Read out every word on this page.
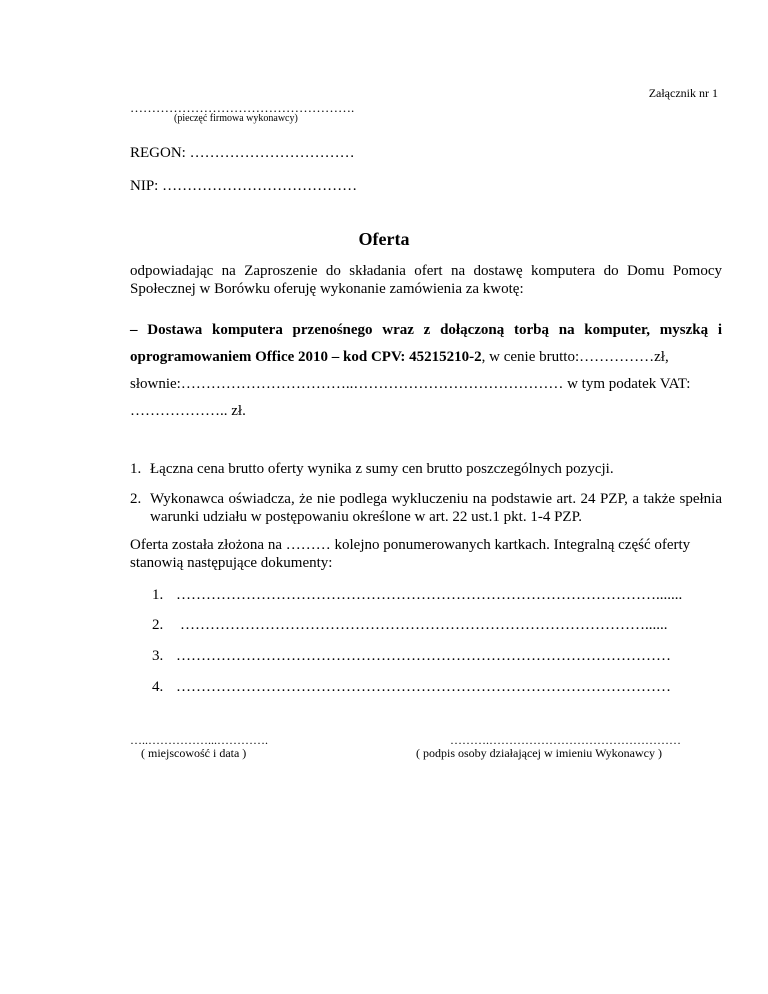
Załącznik nr 1
…………………………………………….
(pieczęć firmowa wykonawcy)
REGON: ……………………………
NIP: …………………………………
Oferta
odpowiadając na Zaproszenie do składania ofert na dostawę komputera do Domu Pomocy Społecznej w Borówku oferuję wykonanie zamówienia za kwotę:
– Dostawa komputera przenośnego wraz z dołączoną torbą na komputer, myszką i oprogramowaniem Office 2010 – kod CPV: 45215210-2, w cenie brutto:……………zł,
słownie:……………………………..…………………………………… w tym podatek VAT:
……………….. zł.
1. Łączna cena brutto oferty wynika z sumy cen brutto poszczególnych pozycji.
2. Wykonawca oświadcza, że nie podlega wykluczeniu na podstawie art. 24 PZP, a także spełnia warunki udziału w postępowaniu określone w art. 22 ust.1 pkt. 1-4 PZP.
Oferta została złożona na ……… kolejno ponumerowanych kartkach. Integralną część oferty stanowią następujące dokumenty:
1. …………………………………………………………………………………….......
2. …………………………………………………………………………………......
3. ………………………………………………………………………………………
4. ………………………………………………………………………………………
…..……………...………….
( miejscowość i data )
……….…………………………………………
( podpis osoby działającej w imieniu Wykonawcy )
